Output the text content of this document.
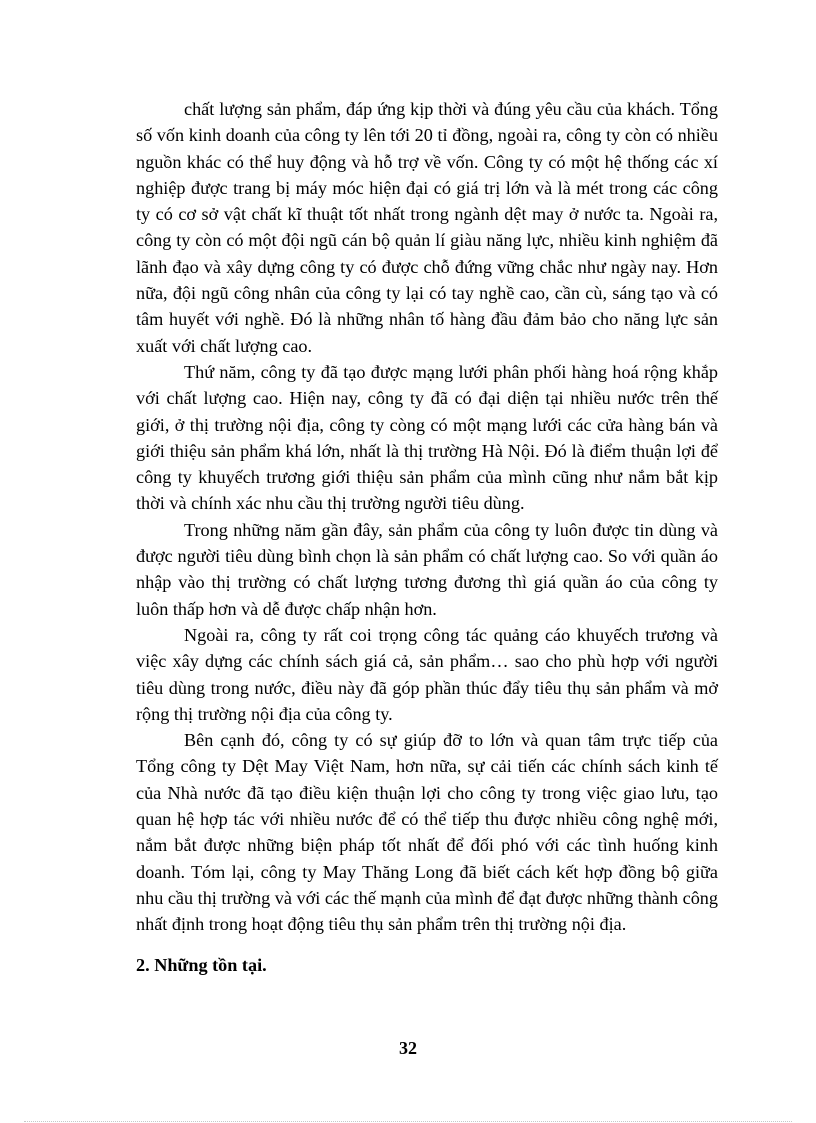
chất lượng sản phẩm, đáp ứng kịp thời và đúng yêu cầu của khách. Tổng số vốn kinh doanh của công ty lên tới 20 tỉ đồng, ngoài ra, công ty còn có nhiều nguồn khác có thể huy động và hỗ trợ về vốn. Công ty có một hệ thống các xí nghiệp được trang bị máy móc hiện đại có giá trị lớn và là mét trong các công ty có cơ sở vật chất kĩ thuật tốt nhất trong ngành dệt may ở nước ta. Ngoài ra, công ty còn có một đội ngũ cán bộ quản lí giàu năng lực, nhiều kinh nghiệm đã lãnh đạo và xây dựng công ty có được chỗ đứng vững chắc như ngày nay. Hơn nữa, đội ngũ công nhân của công ty lại có tay nghề cao, cần cù, sáng tạo và có tâm huyết với nghề. Đó là những nhân tố hàng đầu đảm bảo cho năng lực sản xuất với chất lượng cao.

Thứ năm, công ty đã tạo được mạng lưới phân phối hàng hoá rộng khắp với chất lượng cao. Hiện nay, công ty đã có đại diện tại nhiều nước trên thế giới, ở thị trường nội địa, công ty còng có một mạng lưới các cửa hàng bán và giới thiệu sản phẩm khá lớn, nhất là thị trường Hà Nội. Đó là điểm thuận lợi để công ty khuyếch trương giới thiệu sản phẩm của mình cũng như nắm bắt kịp thời và chính xác nhu cầu thị trường người tiêu dùng.

Trong những năm gần đây, sản phẩm của công ty luôn được tin dùng và được người tiêu dùng bình chọn là sản phẩm có chất lượng cao. So với quần áo nhập vào thị trường có chất lượng tương đương thì giá quần áo của công ty luôn thấp hơn và dễ được chấp nhận hơn.

Ngoài ra, công ty rất coi trọng công tác quảng cáo khuyếch trương và việc xây dựng các chính sách giá cả, sản phẩm… sao cho phù hợp với người tiêu dùng trong nước, điều này đã góp phần thúc đẩy tiêu thụ sản phẩm và mở rộng thị trường nội địa của công ty.

Bên cạnh đó, công ty có sự giúp đỡ to lớn và quan tâm trực tiếp của Tổng công ty Dệt May Việt Nam, hơn nữa, sự cải tiến các chính sách kinh tế của Nhà nước đã tạo điều kiện thuận lợi cho công ty trong việc giao lưu, tạo quan hệ hợp tác với nhiều nước để có thể tiếp thu được nhiều công nghệ mới, nắm bắt được những biện pháp tốt nhất để đối phó với các tình huống kinh doanh. Tóm lại, công ty May Thăng Long đã biết cách kết hợp đồng bộ giữa nhu cầu thị trường và với các thế mạnh của mình để đạt được những thành công nhất định trong hoạt động tiêu thụ sản phẩm trên thị trường nội địa.

2. Những tồn tại.

32
